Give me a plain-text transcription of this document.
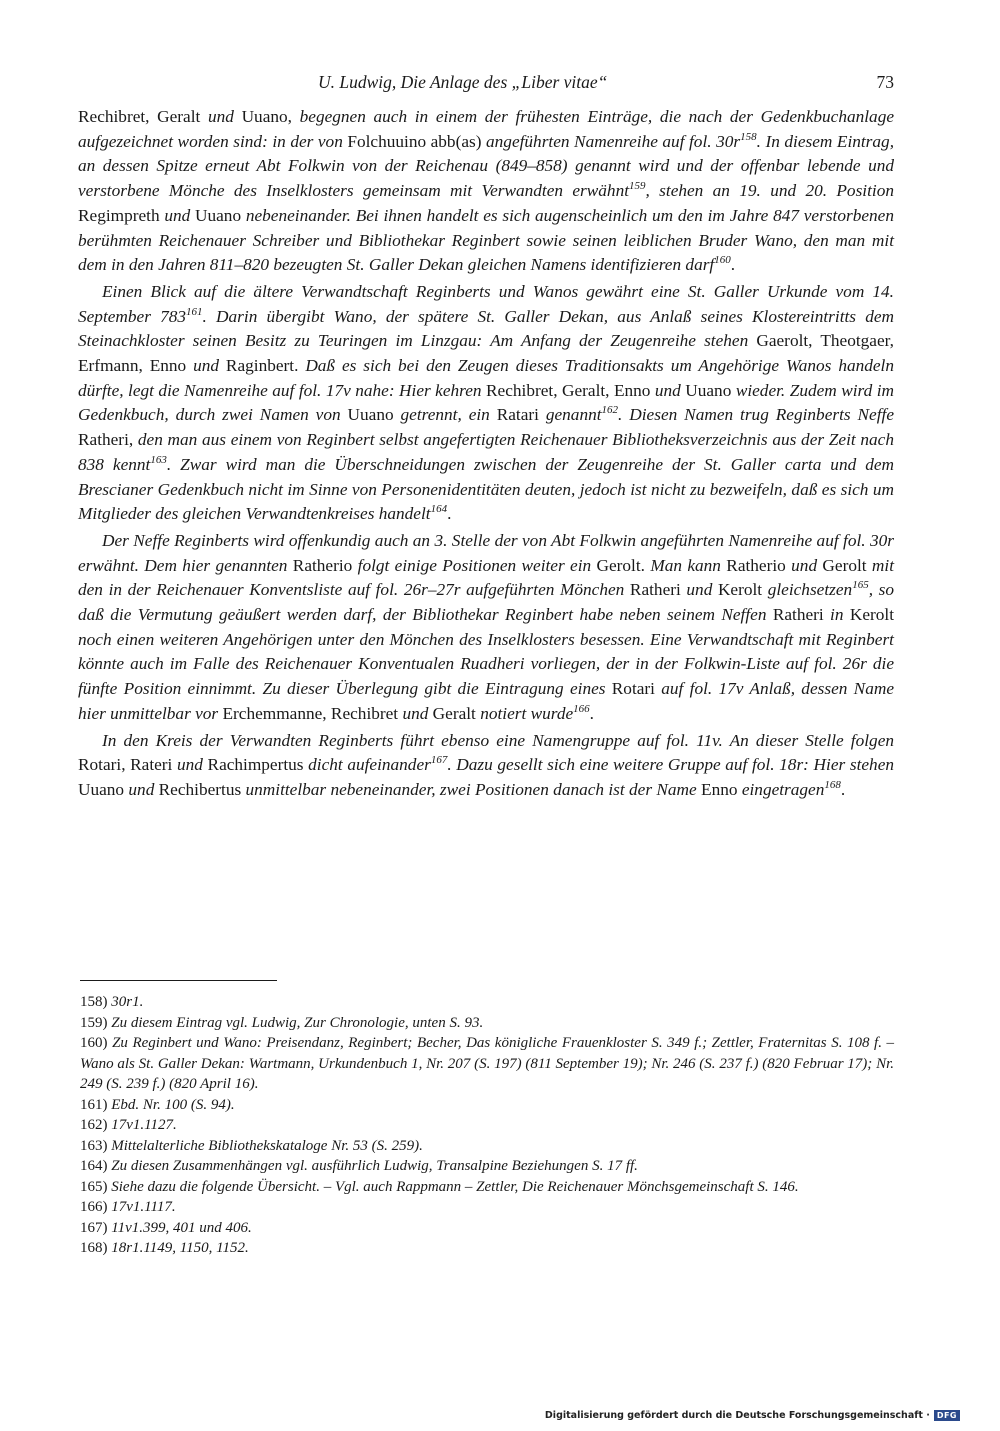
U. Ludwig, Die Anlage des „Liber vitae“	73

Rechibret, Geralt und Uuano, begegnen auch in einem der frühesten Einträge, die nach der Gedenkbuchanlage aufgezeichnet worden sind: in der von Folchuuino abb(as) angeführten Namenreihe auf fol. $30r^{158}$. In diesem Eintrag, an dessen Spitze erneut Abt Folkwin von der Reichenau (849–858) genannt wird und der offenbar lebende und verstorbene Mönche des Inselklosters gemeinsam mit Verwandten erwähnt$^{159}$, stehen an 19. und 20. Position Regimpreth und Uuano nebeneinander. Bei ihnen handelt es sich augenscheinlich um den im Jahre 847 verstorbenen berühmten Reichenauer Schreiber und Bibliothekar Reginbert sowie seinen leiblichen Bruder Wano, den man mit dem in den Jahren 811–820 bezeugten St. Galler Dekan gleichen Namens identifizieren darf$^{160}$.

Einen Blick auf die ältere Verwandtschaft Reginberts und Wanos gewährt eine St. Galler Urkunde vom 14. September $783^{161}$. Darin übergibt Wano, der spätere St. Galler Dekan, aus Anlaß seines Klostereintritts dem Steinachkloster seinen Besitz zu Teuringen im Linzgau: Am Anfang der Zeugenreihe stehen Gaerolt, Theotgaer, Erfmann, Enno und Raginbert. Daß es sich bei den Zeugen dieses Traditionsakts um Angehörige Wanos handeln dürfte, legt die Namenreihe auf fol. 17v nahe: Hier kehren Rechibret, Geralt, Enno und Uuano wieder. Zudem wird im Gedenkbuch, durch zwei Namen von Uuano getrennt, ein Ratari genannt$^{162}$. Diesen Namen trug Reginberts Neffe Ratheri, den man aus einem von Reginbert selbst angefertigten Reichenauer Bibliotheksverzeichnis aus der Zeit nach 838 kennt$^{163}$. Zwar wird man die Überschneidungen zwischen der Zeugenreihe der St. Galler carta und dem Brescianer Gedenkbuch nicht im Sinne von Personenidentitäten deuten, jedoch ist nicht zu bezweifeln, daß es sich um Mitglieder des gleichen Verwandtenkreises handelt$^{164}$.

Der Neffe Reginberts wird offenkundig auch an 3. Stelle der von Abt Folkwin angeführten Namenreihe auf fol. 30r erwähnt. Dem hier genannten Ratherio folgt einige Positionen weiter ein Gerolt. Man kann Ratherio und Gerolt mit den in der Reichenauer Konventsliste auf fol. 26r–27r aufgeführten Mönchen Ratheri und Kerolt gleichsetzen$^{165}$, so daß die Vermutung geäußert werden darf, der Bibliothekar Reginbert habe neben seinem Neffen Ratheri in Kerolt noch einen weiteren Angehörigen unter den Mönchen des Inselklosters besessen. Eine Verwandtschaft mit Reginbert könnte auch im Falle des Reichenauer Konventualen Ruadheri vorliegen, der in der Folkwin-Liste auf fol. 26r die fünfte Position einnimmt. Zu dieser Überlegung gibt die Eintragung eines Rotari auf fol. 17v Anlaß, dessen Name hier unmittelbar vor Erchemmanne, Rechibret und Geralt notiert wurde$^{166}$.

In den Kreis der Verwandten Reginberts führt ebenso eine Namengruppe auf fol. 11v. An dieser Stelle folgen Rotari, Rateri und Rachimpertus dicht aufeinander$^{167}$. Dazu gesellt sich eine weitere Gruppe auf fol. 18r: Hier stehen Uuano und Rechibertus unmittelbar nebeneinander, zwei Positionen danach ist der Name Enno eingetragen$^{168}$.

158) 30r1.
159) Zu diesem Eintrag vgl. Ludwig, Zur Chronologie, unten S. 93.
160) Zu Reginbert und Wano: Preisendanz, Reginbert; Becher, Das königliche Frauenkloster S. 349 f.; Zettler, Fraternitas S. 108 f. – Wano als St. Galler Dekan: Wartmann, Urkundenbuch 1, Nr. 207 (S. 197) (811 September 19); Nr. 246 (S. 237 f.) (820 Februar 17); Nr. 249 (S. 239 f.) (820 April 16).
161) Ebd. Nr. 100 (S. 94).
162) 17v1.1127.
163) Mittelalterliche Bibliothekskataloge Nr. 53 (S. 259).
164) Zu diesen Zusammenhängen vgl. ausführlich Ludwig, Transalpine Beziehungen S. 17 ff.
165) Siehe dazu die folgende Übersicht. – Vgl. auch Rappmann – Zettler, Die Reichenauer Mönchsgemeinschaft S. 146.
166) 17v1.1117.
167) 11v1.399, 401 und 406.
168) 18r1.1149, 1150, 1152.
Digitalisierung gefördert durch die Deutsche Forschungsgemeinschaft · DFG
